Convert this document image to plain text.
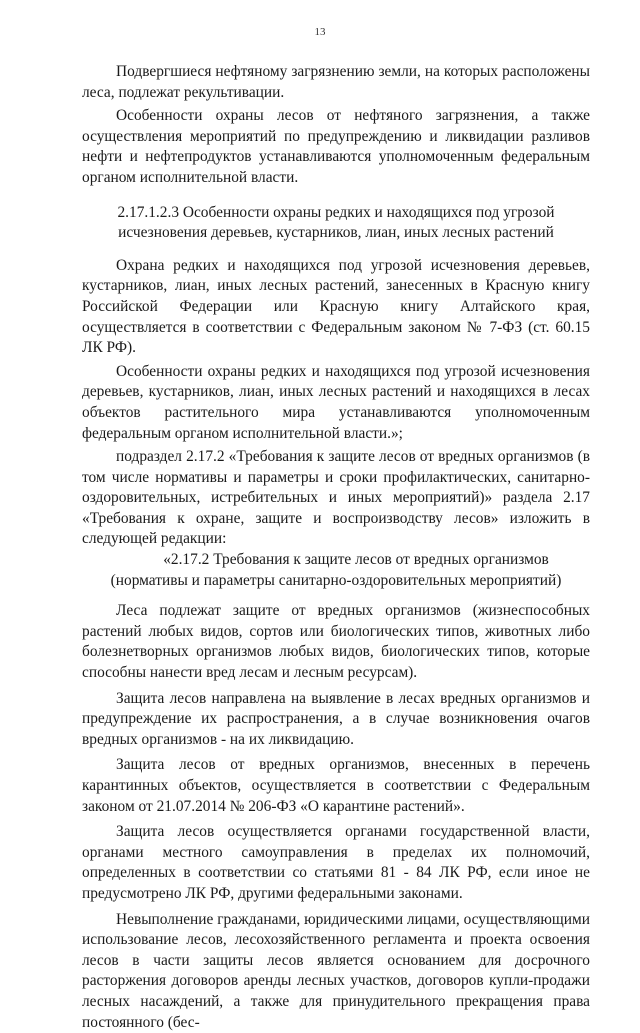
13

Подвергшиеся нефтяному загрязнению земли, на которых расположены леса, подлежат рекультивации.

Особенности охраны лесов от нефтяного загрязнения, а также осуществления мероприятий по предупреждению и ликвидации разливов нефти и нефтепродуктов устанавливаются уполномоченным федеральным органом исполнительной власти.

2.17.1.2.3 Особенности охраны редких и находящихся под угрозой исчезновения деревьев, кустарников, лиан, иных лесных растений

Охрана редких и находящихся под угрозой исчезновения деревьев, кустарников, лиан, иных лесных растений, занесенных в Красную книгу Российской Федерации или Красную книгу Алтайского края, осуществляется в соответствии с Федеральным законом № 7-ФЗ (ст. 60.15 ЛК РФ).

Особенности охраны редких и находящихся под угрозой исчезновения деревьев, кустарников, лиан, иных лесных растений и находящихся в лесах объектов растительного мира устанавливаются уполномоченным федеральным органом исполнительной власти.»;

подраздел 2.17.2 «Требования к защите лесов от вредных организмов (в том числе нормативы и параметры и сроки профилактических, санитарно-оздоровительных, истребительных и иных мероприятий)» раздела 2.17 «Требования к охране, защите и воспроизводству лесов» изложить в следующей редакции:

«2.17.2 Требования к защите лесов от вредных организмов
(нормативы и параметры санитарно-оздоровительных мероприятий)

Леса подлежат защите от вредных организмов (жизнеспособных растений любых видов, сортов или биологических типов, животных либо болезнетворных организмов любых видов, биологических типов, которые способны нанести вред лесам и лесным ресурсам).

Защита лесов направлена на выявление в лесах вредных организмов и предупреждение их распространения, а в случае возникновения очагов вредных организмов - на их ликвидацию.

Защита лесов от вредных организмов, внесенных в перечень карантинных объектов, осуществляется в соответствии с Федеральным законом от 21.07.2014 № 206-ФЗ «О карантине растений».

Защита лесов осуществляется органами государственной власти, органами местного самоуправления в пределах их полномочий, определенных в соответствии со статьями 81 - 84 ЛК РФ, если иное не предусмотрено ЛК РФ, другими федеральными законами.

Невыполнение гражданами, юридическими лицами, осуществляющими использование лесов, лесохозяйственного регламента и проекта освоения лесов в части защиты лесов является основанием для досрочного расторжения договоров аренды лесных участков, договоров купли-продажи лесных насаждений, а также для принудительного прекращения права постоянного (бес-
